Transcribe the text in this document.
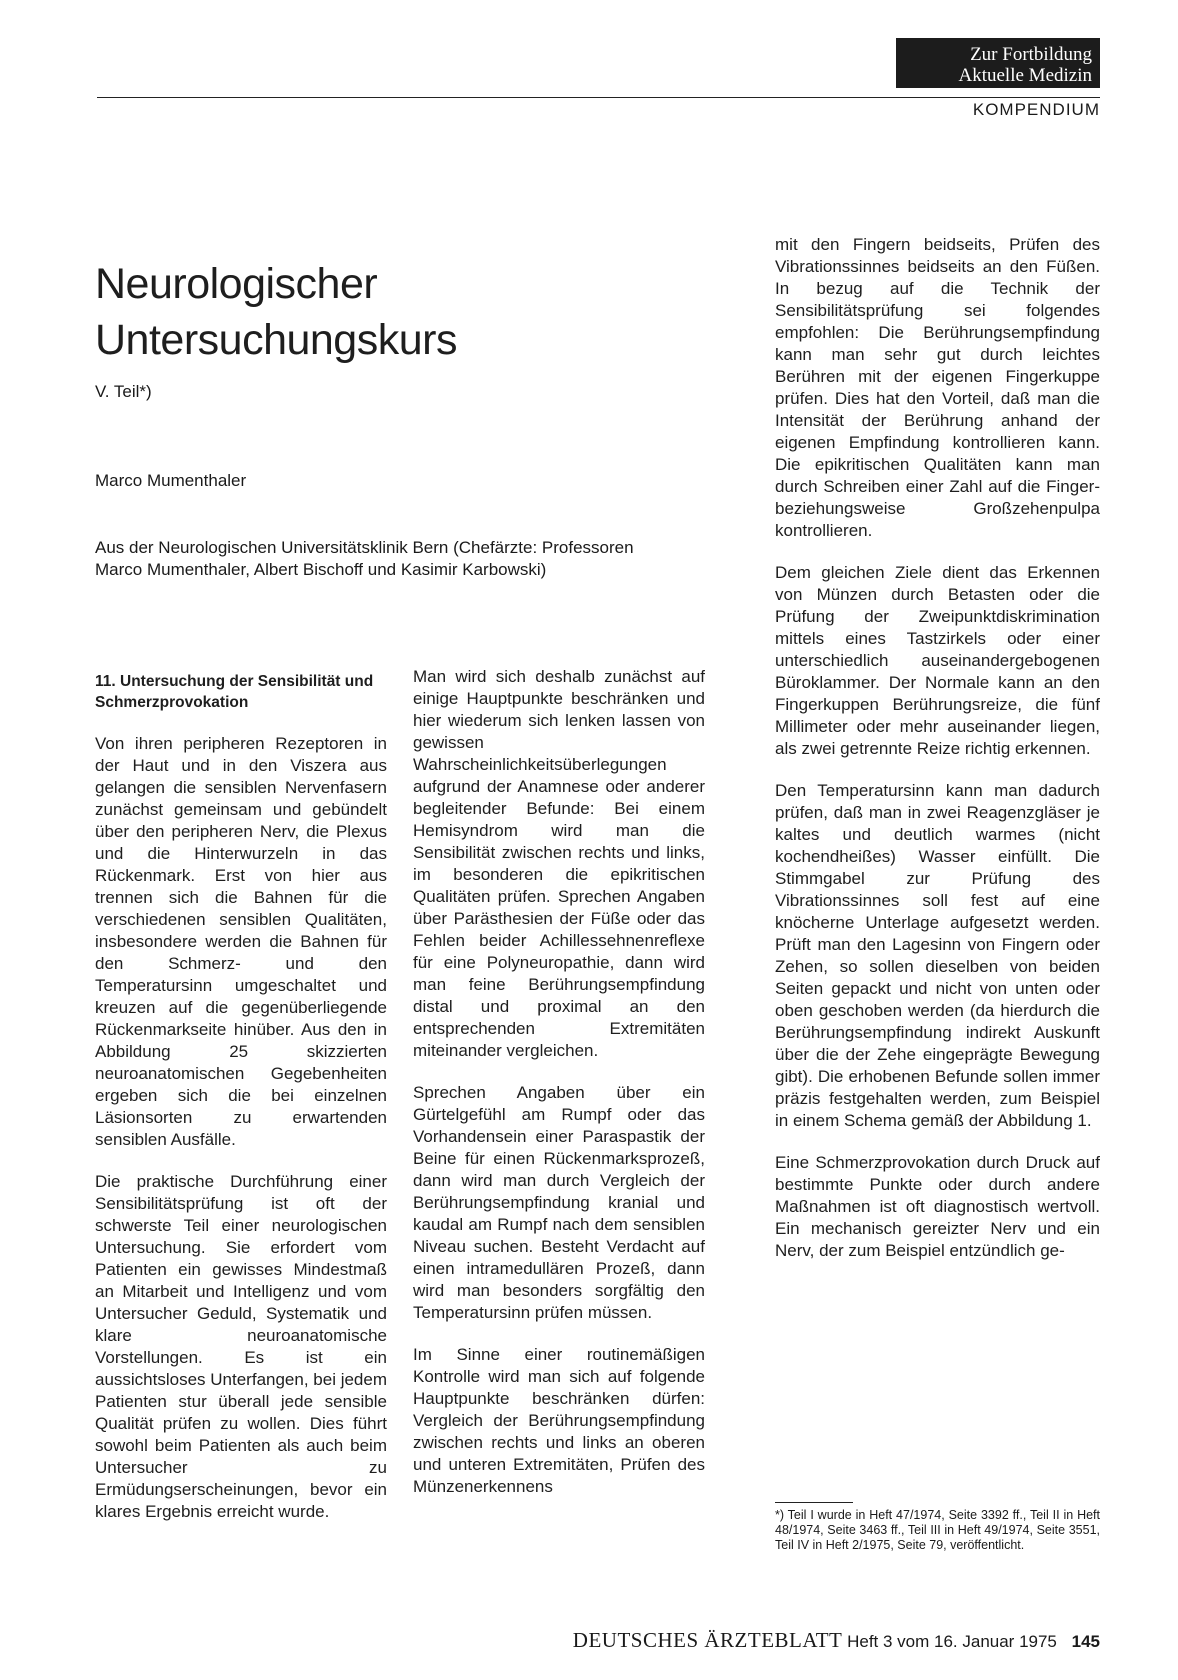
Zur Fortbildung
Aktuelle Medizin
KOMPENDIUM
Neurologischer
Untersuchungskurs
V. Teil*)
Marco Mumenthaler
Aus der Neurologischen Universitätsklinik Bern (Chefärzte: Professoren Marco Mumenthaler, Albert Bischoff und Kasimir Karbowski)
11. Untersuchung der Sensibilität und Schmerzprovokation

Von ihren peripheren Rezeptoren in der Haut und in den Viszera aus gelangen die sensiblen Nervenfasern zunächst gemeinsam und gebündelt über den peripheren Nerv, die Plexus und die Hinterwurzeln in das Rückenmark. Erst von hier aus trennen sich die Bahnen für die verschiedenen sensiblen Qualitäten, insbesondere werden die Bahnen für den Schmerz- und den Temperatursinn umgeschaltet und kreuzen auf die gegenüberliegende Rückenmarkseite hinüber. Aus den in Abbildung 25 skizzierten neuroanatomischen Gegebenheiten ergeben sich die bei einzelnen Läsionsorten zu erwartenden sensiblen Ausfälle.

Die praktische Durchführung einer Sensibilitätsprüfung ist oft der schwerste Teil einer neurologischen Untersuchung. Sie erfordert vom Patienten ein gewisses Mindestmaß an Mitarbeit und Intelligenz und vom Untersucher Geduld, Systematik und klare neuroanatomische Vorstellungen. Es ist ein aussichtsloses Unterfangen, bei jedem Patienten stur überall jede sensible Qualität prüfen zu wollen. Dies führt sowohl beim Patienten als auch beim Untersucher zu Ermüdungserscheinungen, bevor ein klares Ergebnis erreicht wurde.

Man wird sich deshalb zunächst auf einige Hauptpunkte beschränken und hier wiederum sich lenken lassen von gewissen Wahrscheinlichkeitsüberlegungen aufgrund der Anamnese oder anderer begleitender Befunde: Bei einem Hemisyndrom wird man die Sensibilität zwischen rechts und links, im besonderen die epikritischen Qualitäten prüfen. Sprechen Angaben über Parästhesien der Füße oder das Fehlen beider Achillessehnenreflexe für eine Polyneuropathie, dann wird man feine Berührungsempfindung distal und proximal an den entsprechenden Extremitäten miteinander vergleichen.

Sprechen Angaben über ein Gürtelgefühl am Rumpf oder das Vorhandensein einer Paraspastik der Beine für einen Rückenmarksprozeß, dann wird man durch Vergleich der Berührungsempfindung kranial und kaudal am Rumpf nach dem sensiblen Niveau suchen. Besteht Verdacht auf einen intramedullären Prozeß, dann wird man besonders sorgfältig den Temperatursinn prüfen müssen.

Im Sinne einer routinemäßigen Kontrolle wird man sich auf folgende Hauptpunkte beschränken dürfen: Vergleich der Berührungsempfindung zwischen rechts und links an oberen und unteren Extremitäten, Prüfen des Münzenerkennens

mit den Fingern beidseits, Prüfen des Vibrationssinnes beidseits an den Füßen. In bezug auf die Technik der Sensibilitätsprüfung sei folgendes empfohlen: Die Berührungsempfindung kann man sehr gut durch leichtes Berühren mit der eigenen Fingerkuppe prüfen. Dies hat den Vorteil, daß man die Intensität der Berührung anhand der eigenen Empfindung kontrollieren kann. Die epikritischen Qualitäten kann man durch Schreiben einer Zahl auf die Finger- beziehungsweise Großzehenpulpa kontrollieren.

Dem gleichen Ziele dient das Erkennen von Münzen durch Betasten oder die Prüfung der Zweipunktdiskrimination mittels eines Tastzirkels oder einer unterschiedlich auseinandergebogenen Büroklammer. Der Normale kann an den Fingerkuppen Berührungsreize, die fünf Millimeter oder mehr auseinander liegen, als zwei getrennte Reize richtig erkennen.

Den Temperatursinn kann man dadurch prüfen, daß man in zwei Reagenzgläser je kaltes und deutlich warmes (nicht kochendheißes) Wasser einfüllt. Die Stimmgabel zur Prüfung des Vibrationssinnes soll fest auf eine knöcherne Unterlage aufgesetzt werden. Prüft man den Lagesinn von Fingern oder Zehen, so sollen dieselben von beiden Seiten gepackt und nicht von unten oder oben geschoben werden (da hierdurch die Berührungsempfindung indirekt Auskunft über die der Zehe eingeprägte Bewegung gibt). Die erhobenen Befunde sollen immer präzis festgehalten werden, zum Beispiel in einem Schema gemäß der Abbildung 1.

Eine Schmerzprovokation durch Druck auf bestimmte Punkte oder durch andere Maßnahmen ist oft diagnostisch wertvoll. Ein mechanisch gereizter Nerv und ein Nerv, der zum Beispiel entzündlich ge-

*) Teil I wurde in Heft 47/1974, Seite 3392 ff., Teil II in Heft 48/1974, Seite 3463 ff., Teil III in Heft 49/1974, Seite 3551, Teil IV in Heft 2/1975, Seite 79, veröffentlicht.
DEUTSCHES ÄRZTEBLATT Heft 3 vom 16. Januar 1975 145
